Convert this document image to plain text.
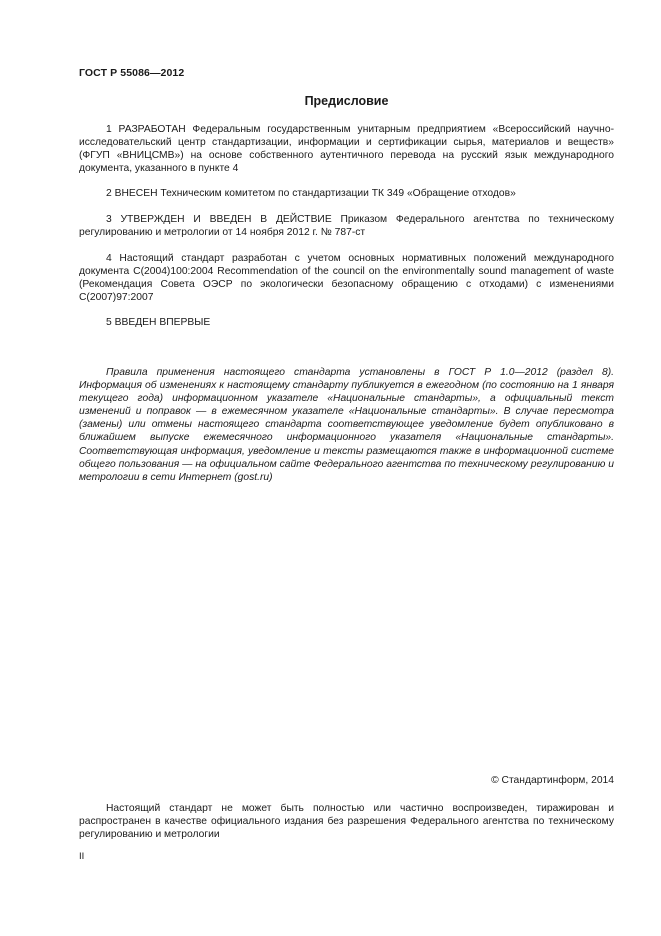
ГОСТ Р 55086—2012
Предисловие

1 РАЗРАБОТАН Федеральным государственным унитарным предприятием «Всероссийский научно-исследовательский центр стандартизации, информации и сертификации сырья, материалов и веществ» (ФГУП «ВНИЦСМВ») на основе собственного аутентичного перевода на русский язык международного документа, указанного в пункте 4

2 ВНЕСЕН Техническим комитетом по стандартизации ТК 349 «Обращение отходов»

3 УТВЕРЖДЕН И ВВЕДЕН В ДЕЙСТВИЕ Приказом Федерального агентства по техническому регулированию и метрологии от 14 ноября 2012 г. № 787-ст

4 Настоящий стандарт разработан с учетом основных нормативных положений международного документа C(2004)100:2004 Recommendation of the council on the environmentally sound management of waste (Рекомендация Совета ОЭСР по экологически безопасному обращению с отходами) с изменениями C(2007)97:2007

5 ВВЕДЕН ВПЕРВЫЕ

Правила применения настоящего стандарта установлены в ГОСТ Р 1.0—2012 (раздел 8). Информация об изменениях к настоящему стандарту публикуется в ежегодном (по состоянию на 1 января текущего года) информационном указателе «Национальные стандарты», а официальный текст изменений и поправок — в ежемесячном указателе «Национальные стандарты». В случае пересмотра (замены) или отмены настоящего стандарта соответствующее уведомление будет опубликовано в ближайшем выпуске ежемесячного информационного указателя «Национальные стандарты». Соответствующая информация, уведомление и тексты размещаются также в информационной системе общего пользования — на официальном сайте Федерального агентства по техническому регулированию и метрологии в сети Интернет (gost.ru)

© Стандартинформ, 2014

Настоящий стандарт не может быть полностью или частично воспроизведен, тиражирован и распространен в качестве официального издания без разрешения Федерального агентства по техническому регулированию и метрологии

II
